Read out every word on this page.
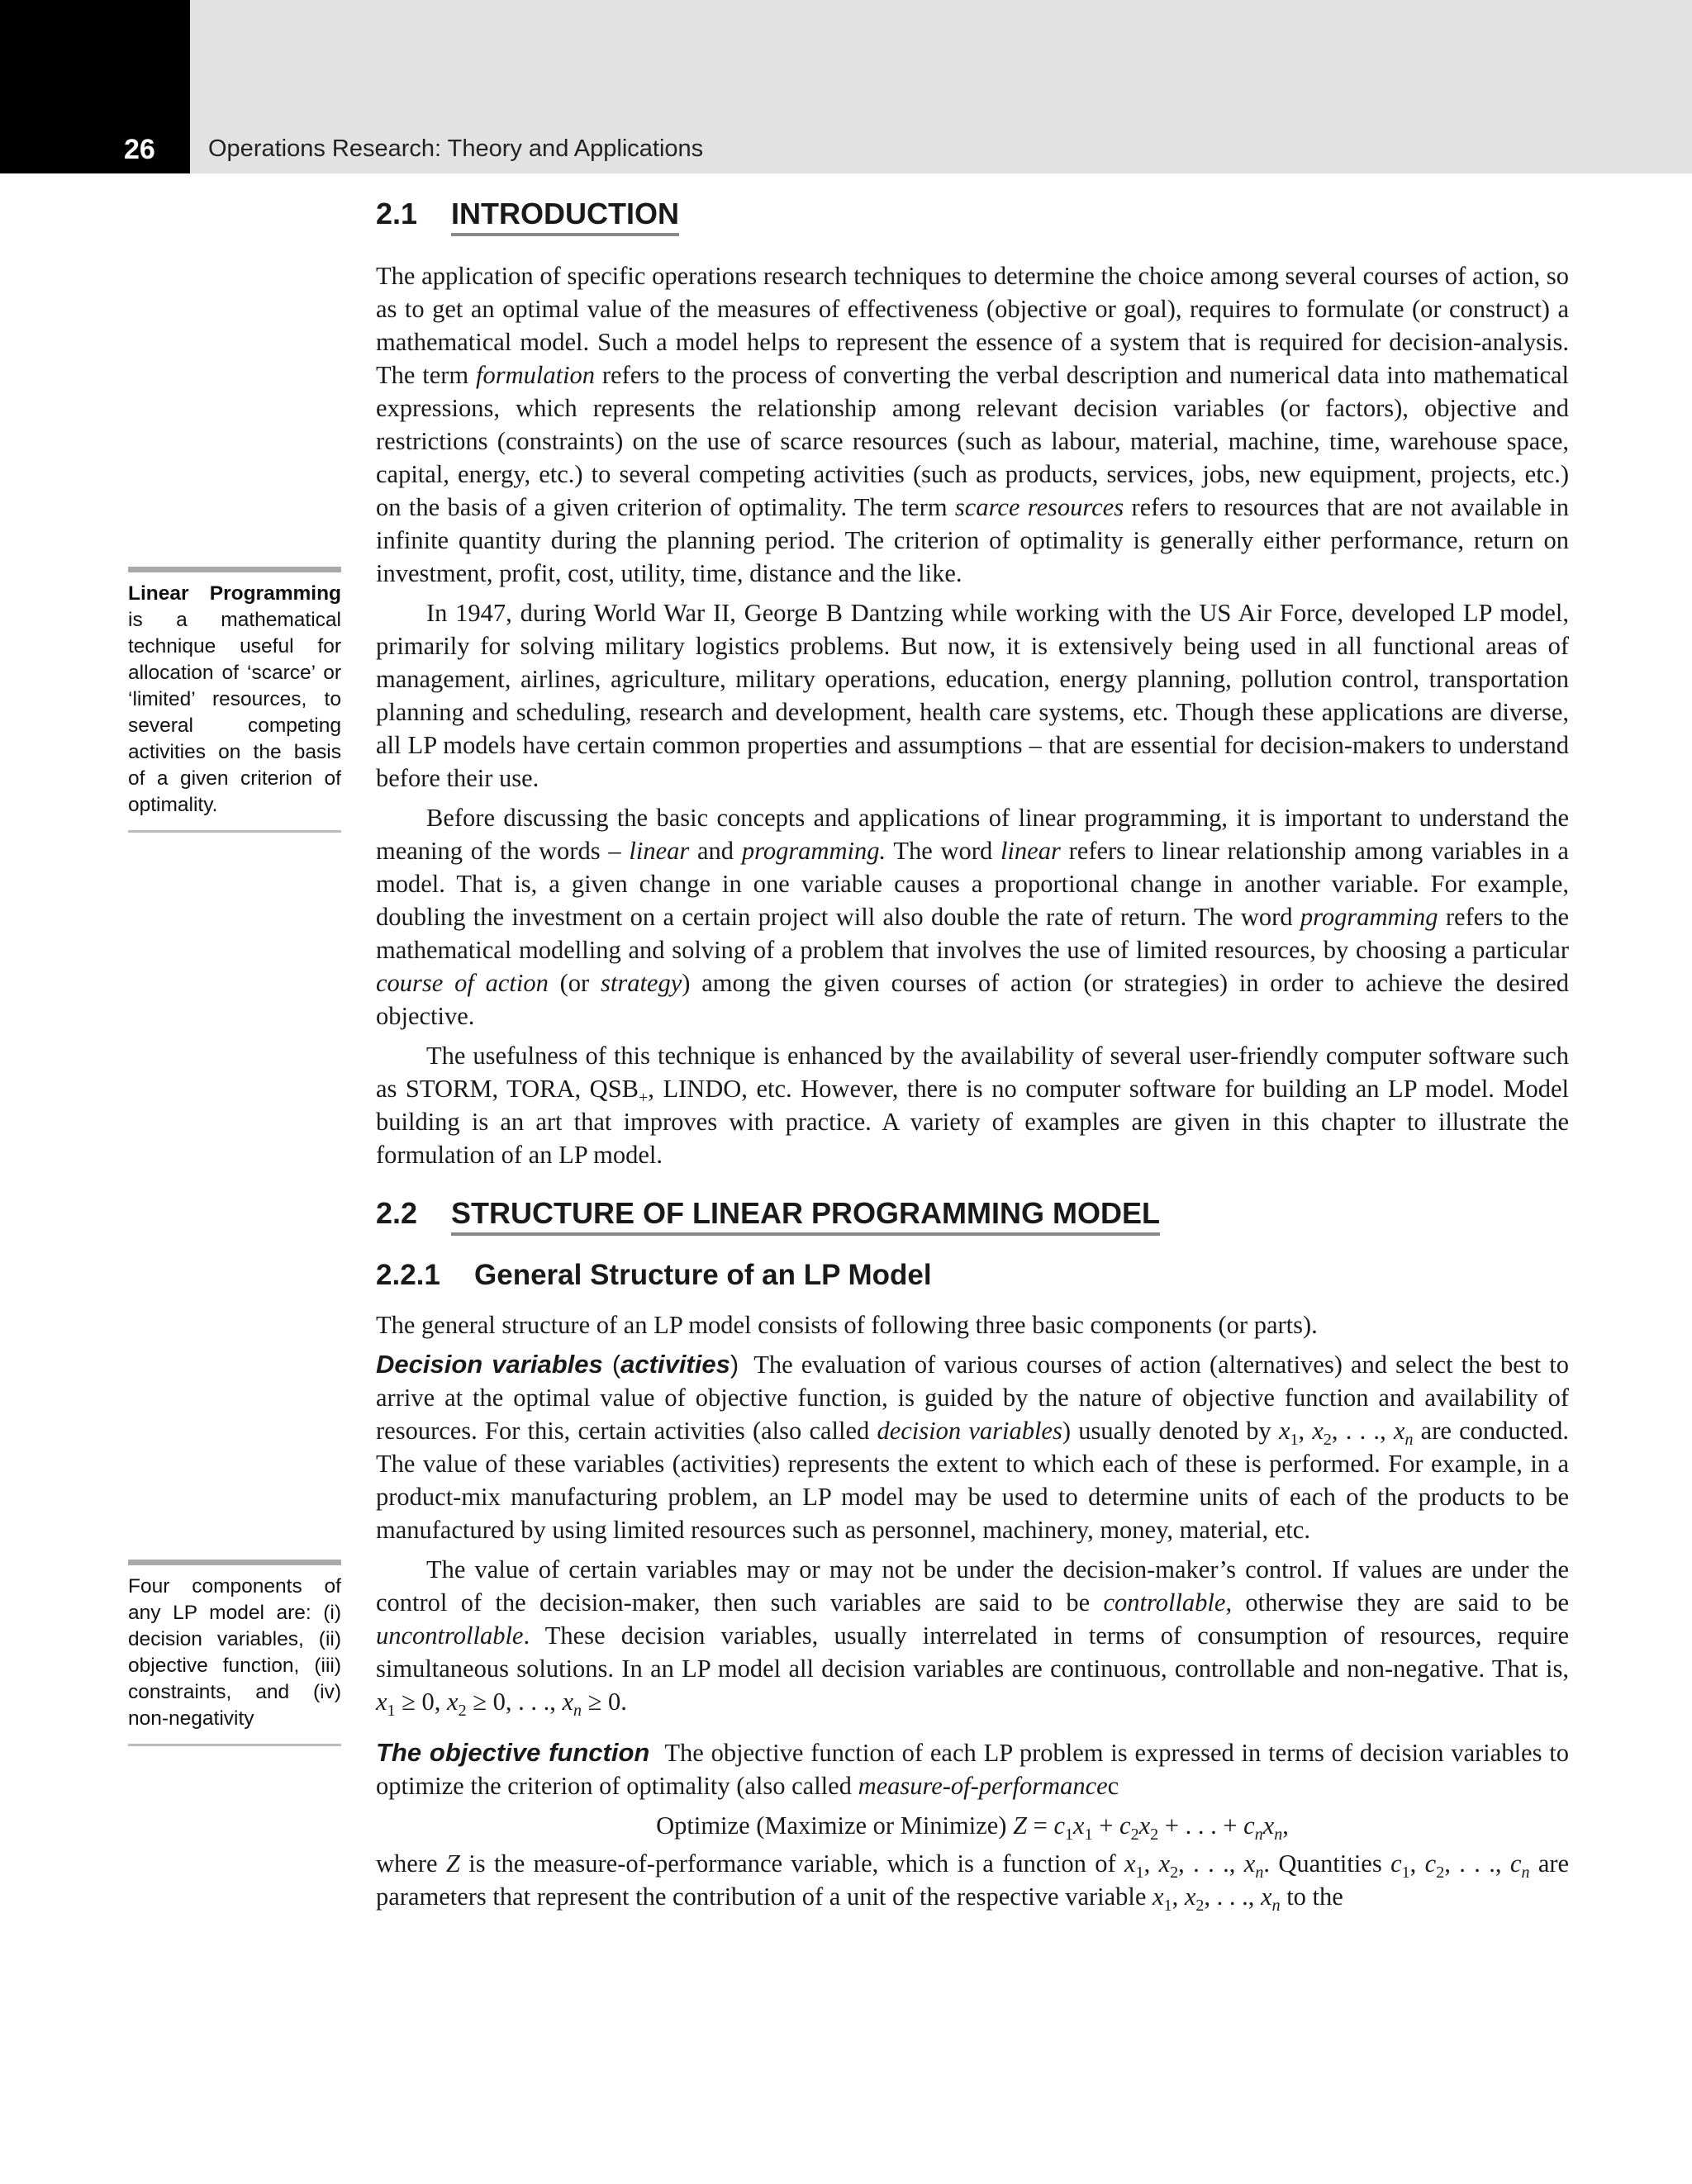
26 Operations Research: Theory and Applications
Linear Programming is a mathematical technique useful for allocation of ‘scarce’ or ‘limited’ resources, to several competing activities on the basis of a given criterion of optimality.
Four components of any LP model are: (i) decision variables, (ii) objective function, (iii) constraints, and (iv) non-negativity
2.1	INTRODUCTION

The application of specific operations research techniques to determine the choice among several courses of action, so as to get an optimal value of the measures of effectiveness (objective or goal), requires to formulate (or construct) a mathematical model. Such a model helps to represent the essence of a system that is required for decision-analysis. The term formulation refers to the process of converting the verbal description and numerical data into mathematical expressions, which represents the relationship among relevant decision variables (or factors), objective and restrictions (constraints) on the use of scarce resources (such as labour, material, machine, time, warehouse space, capital, energy, etc.) to several competing activities (such as products, services, jobs, new equipment, projects, etc.) on the basis of a given criterion of optimality. The term scarce resources refers to resources that are not available in infinite quantity during the planning period. The criterion of optimality is generally either performance, return on investment, profit, cost, utility, time, distance and the like.

In 1947, during World War II, George B Dantzing while working with the US Air Force, developed LP model, primarily for solving military logistics problems. But now, it is extensively being used in all functional areas of management, airlines, agriculture, military operations, education, energy planning, pollution control, transportation planning and scheduling, research and development, health care systems, etc. Though these applications are diverse, all LP models have certain common properties and assumptions – that are essential for decision-makers to understand before their use.

Before discussing the basic concepts and applications of linear programming, it is important to understand the meaning of the words – linear and programming. The word linear refers to linear relationship among variables in a model. That is, a given change in one variable causes a proportional change in another variable. For example, doubling the investment on a certain project will also double the rate of return. The word programming refers to the mathematical modelling and solving of a problem that involves the use of limited resources, by choosing a particular course of action (or strategy) among the given courses of action (or strategies) in order to achieve the desired objective.

The usefulness of this technique is enhanced by the availability of several user-friendly computer software such as STORM, TORA, $QSB_+$, LINDO, etc. However, there is no computer software for building an LP model. Model building is an art that improves with practice. A variety of examples are given in this chapter to illustrate the formulation of an LP model.

2.2	STRUCTURE OF LINEAR PROGRAMMING MODEL
2.2.1	General Structure of an LP Model

The general structure of an LP model consists of following three basic components (or parts).

Decision variables (activities) The evaluation of various courses of action (alternatives) and select the best to arrive at the optimal value of objective function, is guided by the nature of objective function and availability of resources. For this, certain activities (also called decision variables) usually denoted by $x_1$, $x_2$, . . ., $x_n$ are conducted. The value of these variables (activities) represents the extent to which each of these is performed. For example, in a product-mix manufacturing problem, an LP model may be used to determine units of each of the products to be manufactured by using limited resources such as personnel, machinery, money, material, etc.

The value of certain variables may or may not be under the decision-maker’s control. If values are under the control of the decision-maker, then such variables are said to be controllable, otherwise they are said to be uncontrollable. These decision variables, usually interrelated in terms of consumption of resources, require simultaneous solutions. In an LP model all decision variables are continuous, controllable and non-negative. That is, $x_1 \ge 0$, $x_2 \ge 0$, . . ., $x_n \ge 0$.

The objective function The objective function of each LP problem is expressed in terms of decision variables to optimize the criterion of optimality (also called measure-of-performancec

Optimize (Maximize or Minimize) $Z = c_1x_1 + c_2x_2$ + . . . + $c_nx_n$,

where Z is the measure-of-performance variable, which is a function of $x_1$, $x_2$, . . ., $x_n$. Quantities $c_1$, $c_2$, . . ., $c_n$ are parameters that represent the contribution of a unit of the respective variable $x_1$, $x_2$, . . ., $x_n$ to the
